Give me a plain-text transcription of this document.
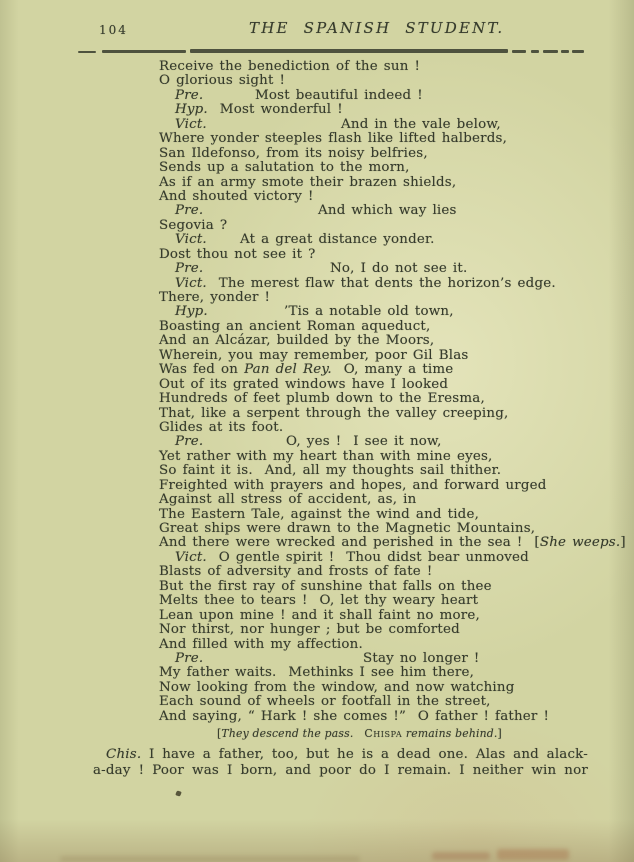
104	THE SPANISH STUDENT.
Receive the benediction of the sun !
O glorious sight !
Pre.	Most beautiful indeed !
Hyp.  Most wonderful !
Vict.	And in the vale below,
Where yonder steeples flash like lifted halberds,
San Ildefonso, from its noisy belfries,
Sends up a salutation to the morn,
As if an army smote their brazen shields,
And shouted victory !
Pre.	And which way lies
Segovia ?
Vict. At a great distance yonder.
Dost thou not see it ?
Pre.	No, I do not see it.
Vict.  The merest flaw that dents the horizon’s edge.
There, yonder !
Hyp.	’Tis a notable old town,
Boasting an ancient Roman aqueduct,
And an Alcázar, builded by the Moors,
Wherein, you may remember, poor Gil Blas
Was fed on Pan del Rey.  O, many a time
Out of its grated windows have I looked
Hundreds of feet plumb down to the Eresma,
That, like a serpent through the valley creeping,
Glides at its foot.
Pre.	O, yes !  I see it now,
Yet rather with my heart than with mine eyes,
So faint it is.  And, all my thoughts sail thither.
Freighted with prayers and hopes, and forward urged
Against all stress of accident, as, in
The Eastern Tale, against the wind and tide,
Great ships were drawn to the Magnetic Mountains,
And there were wrecked and perished in the sea !  [She weeps.]
Vict.  O gentle spirit !  Thou didst bear unmoved
Blasts of adversity and frosts of fate !
But the first ray of sunshine that falls on thee
Melts thee to tears !  O, let thy weary heart
Lean upon mine ! and it shall faint no more,
Nor thirst, nor hunger ; but be comforted
And filled with my affection.
Pre.	Stay no longer !
My father waits.  Methinks I see him there,
Now looking from the window, and now watching
Each sound of wheels or footfall in the street,
And saying, “ Hark ! she comes !”  O father ! father !
[They descend the pass. Chispa remains behind.]
Chis. I have a father, too, but he is a dead one. Alas and alack-
a-day ! Poor was I born, and poor do I remain. I neither win nor
